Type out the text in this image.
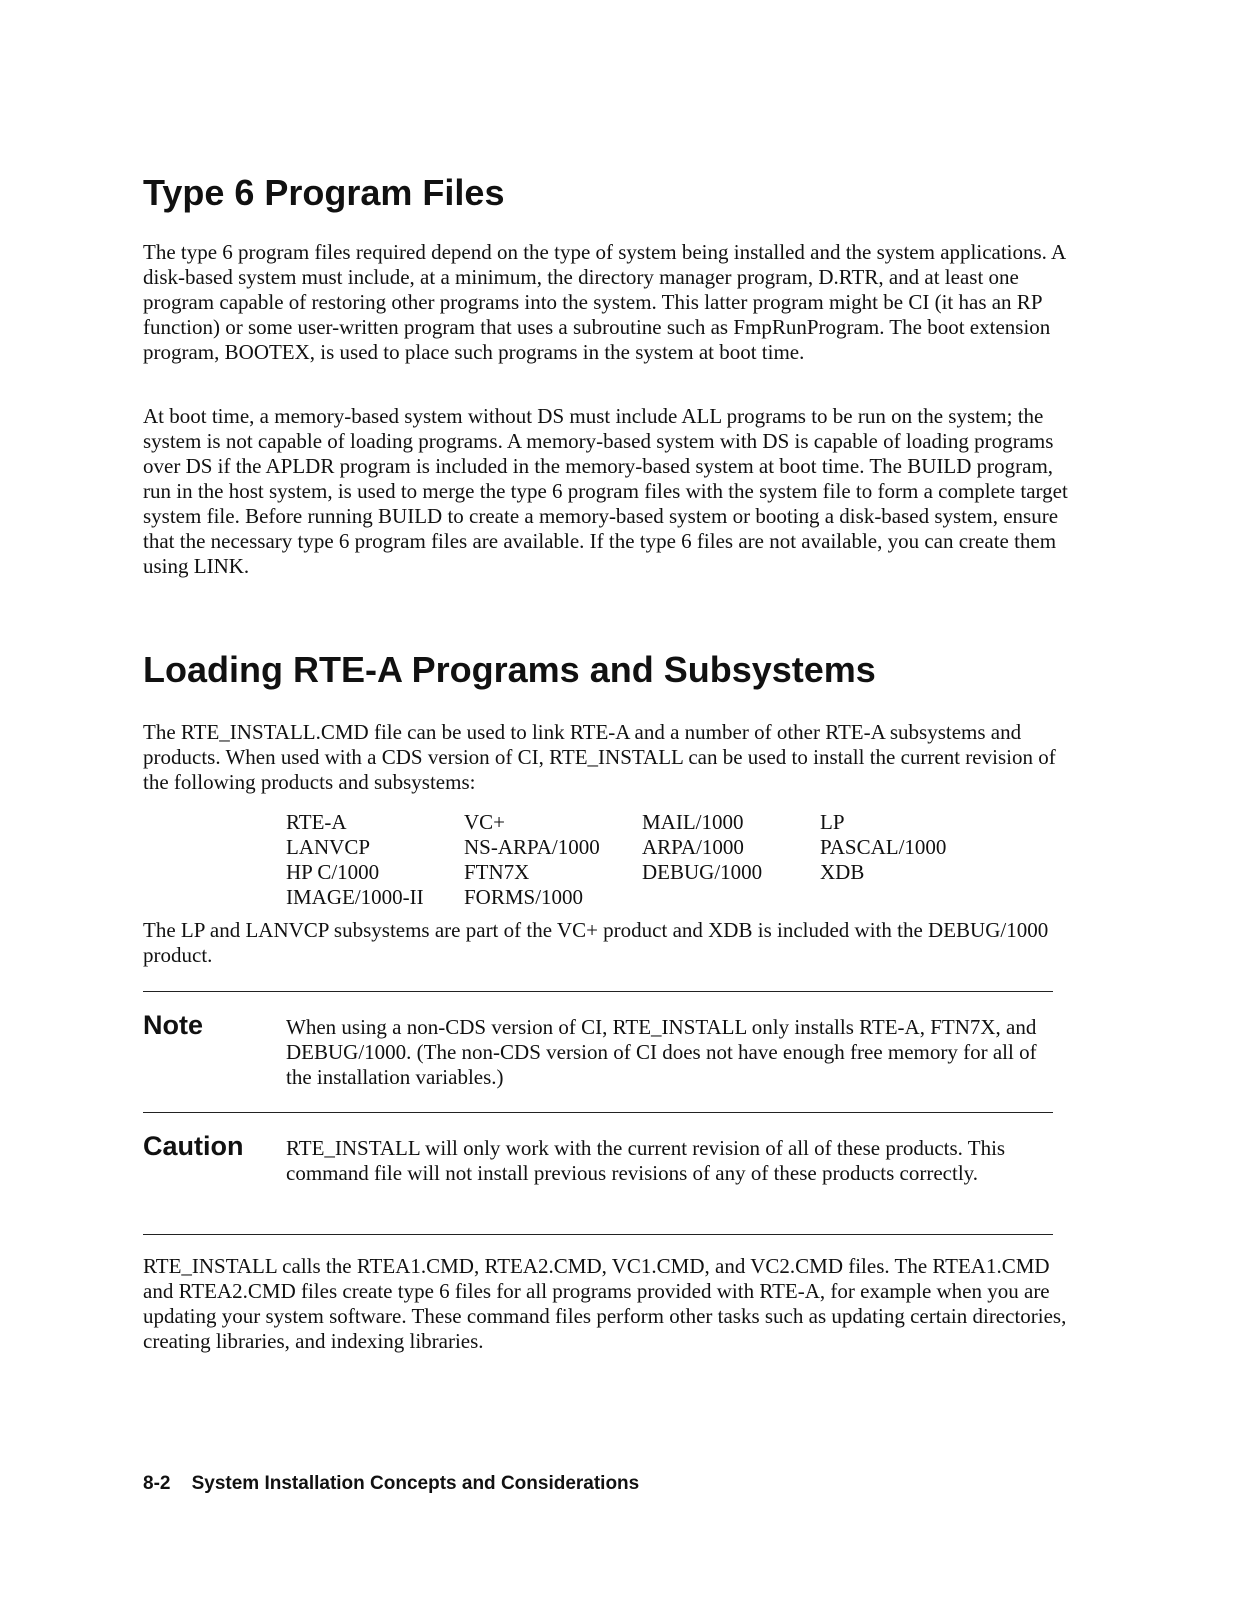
Type 6 Program Files

The type 6 program files required depend on the type of system being installed and the system applications. A disk-based system must include, at a minimum, the directory manager program, D.RTR, and at least one program capable of restoring other programs into the system. This latter program might be CI (it has an RP function) or some user-written program that uses a subroutine such as FmpRunProgram. The boot extension program, BOOTEX, is used to place such programs in the system at boot time.

At boot time, a memory-based system without DS must include ALL programs to be run on the system; the system is not capable of loading programs. A memory-based system with DS is capable of loading programs over DS if the APLDR program is included in the memory-based system at boot time. The BUILD program, run in the host system, is used to merge the type 6 program files with the system file to form a complete target system file. Before running BUILD to create a memory-based system or booting a disk-based system, ensure that the necessary type 6 program files are available. If the type 6 files are not available, you can create them using LINK.

Loading RTE-A Programs and Subsystems

The RTE_INSTALL.CMD file can be used to link RTE-A and a number of other RTE-A subsystems and products. When used with a CDS version of CI, RTE_INSTALL can be used to install the current revision of the following products and subsystems:

The LP and LANVCP subsystems are part of the VC+ product and XDB is included with the DEBUG/1000 product.

Note	When using a non-CDS version of CI, RTE_INSTALL only installs RTE-A, FTN7X, and DEBUG/1000. (The non-CDS version of CI does not have enough free memory for all of the installation variables.)
Caution RTE_INSTALL will only work with the current revision of all of these products. This command file will not install previous revisions of any of these products correctly.

RTE_INSTALL calls the RTEA1.CMD, RTEA2.CMD, VC1.CMD, and VC2.CMD files. The RTEA1.CMD and RTEA2.CMD files create type 6 files for all programs provided with RTE-A, for example when you are updating your system software. These command files perform other tasks such as updating certain directories, creating libraries, and indexing libraries.

8-2 System Installation Concepts and Considerations
RTE-A	VC+	MAIL/1000	LP
LANVCP	NS-ARPA/1000	ARPA/1000	PASCAL/1000
HP C/1000	FTN7X	DEBUG/1000	XDB
IMAGE/1000-II	FORMS/1000
